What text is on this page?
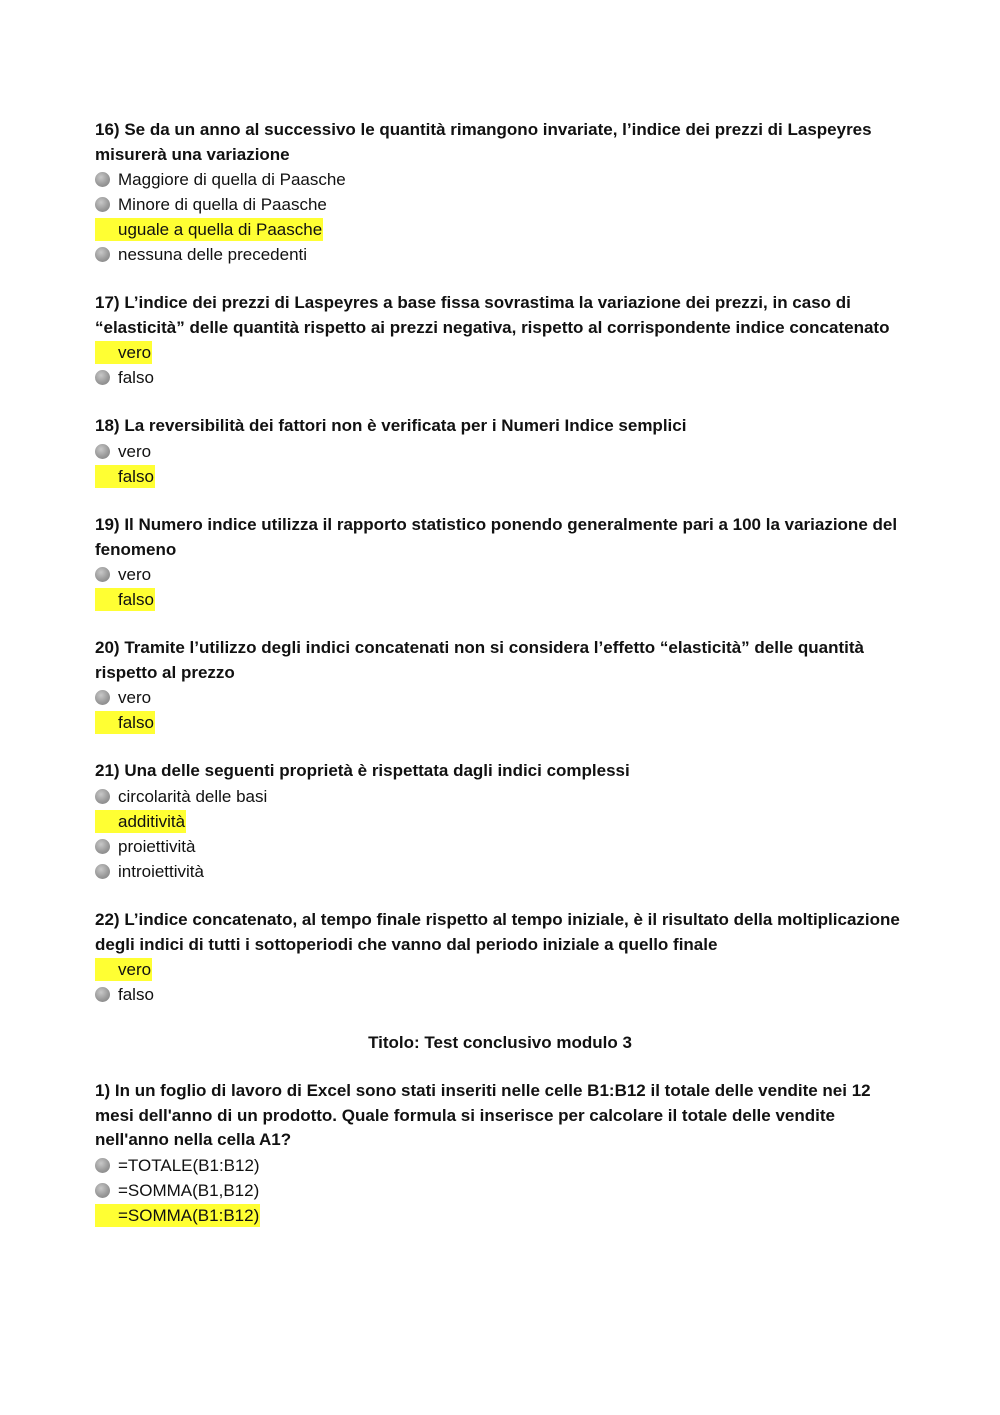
16) Se da un anno al successivo le quantità rimangono invariate, l’indice dei prezzi di Laspeyres misurerà una variazione

Maggiore di quella di Paasche
Minore di quella di Paasche
uguale a quella di Paasche
nessuna delle precedenti

17) L’indice dei prezzi di Laspeyres a base fissa sovrastima la variazione dei prezzi, in caso di “elasticità” delle quantità rispetto ai prezzi negativa, rispetto al corrispondente indice concatenato

vero
falso

18) La reversibilità dei fattori non è verificata per i Numeri Indice semplici

vero
falso

19) Il Numero indice utilizza il rapporto statistico ponendo generalmente pari a 100 la variazione del fenomeno

vero
falso

20) Tramite l’utilizzo degli indici concatenati non si considera l’effetto “elasticità” delle quantità rispetto al prezzo

vero
falso

21) Una delle seguenti proprietà è rispettata dagli indici complessi

circolarità delle basi
additività
proiettività
introiettività

22) L’indice concatenato, al tempo finale rispetto al tempo iniziale, è il risultato della moltiplicazione degli indici di tutti i sottoperiodi che vanno dal periodo iniziale a quello finale

vero
falso
Titolo: Test conclusivo modulo 3

1) In un foglio di lavoro di Excel sono stati inseriti nelle celle B1:B12 il totale delle vendite nei 12 mesi dell'anno di un prodotto. Quale formula si inserisce per calcolare il totale delle vendite nell'anno nella cella A1?

=TOTALE(B1:B12)
=SOMMA(B1,B12)
=SOMMA(B1:B12)
